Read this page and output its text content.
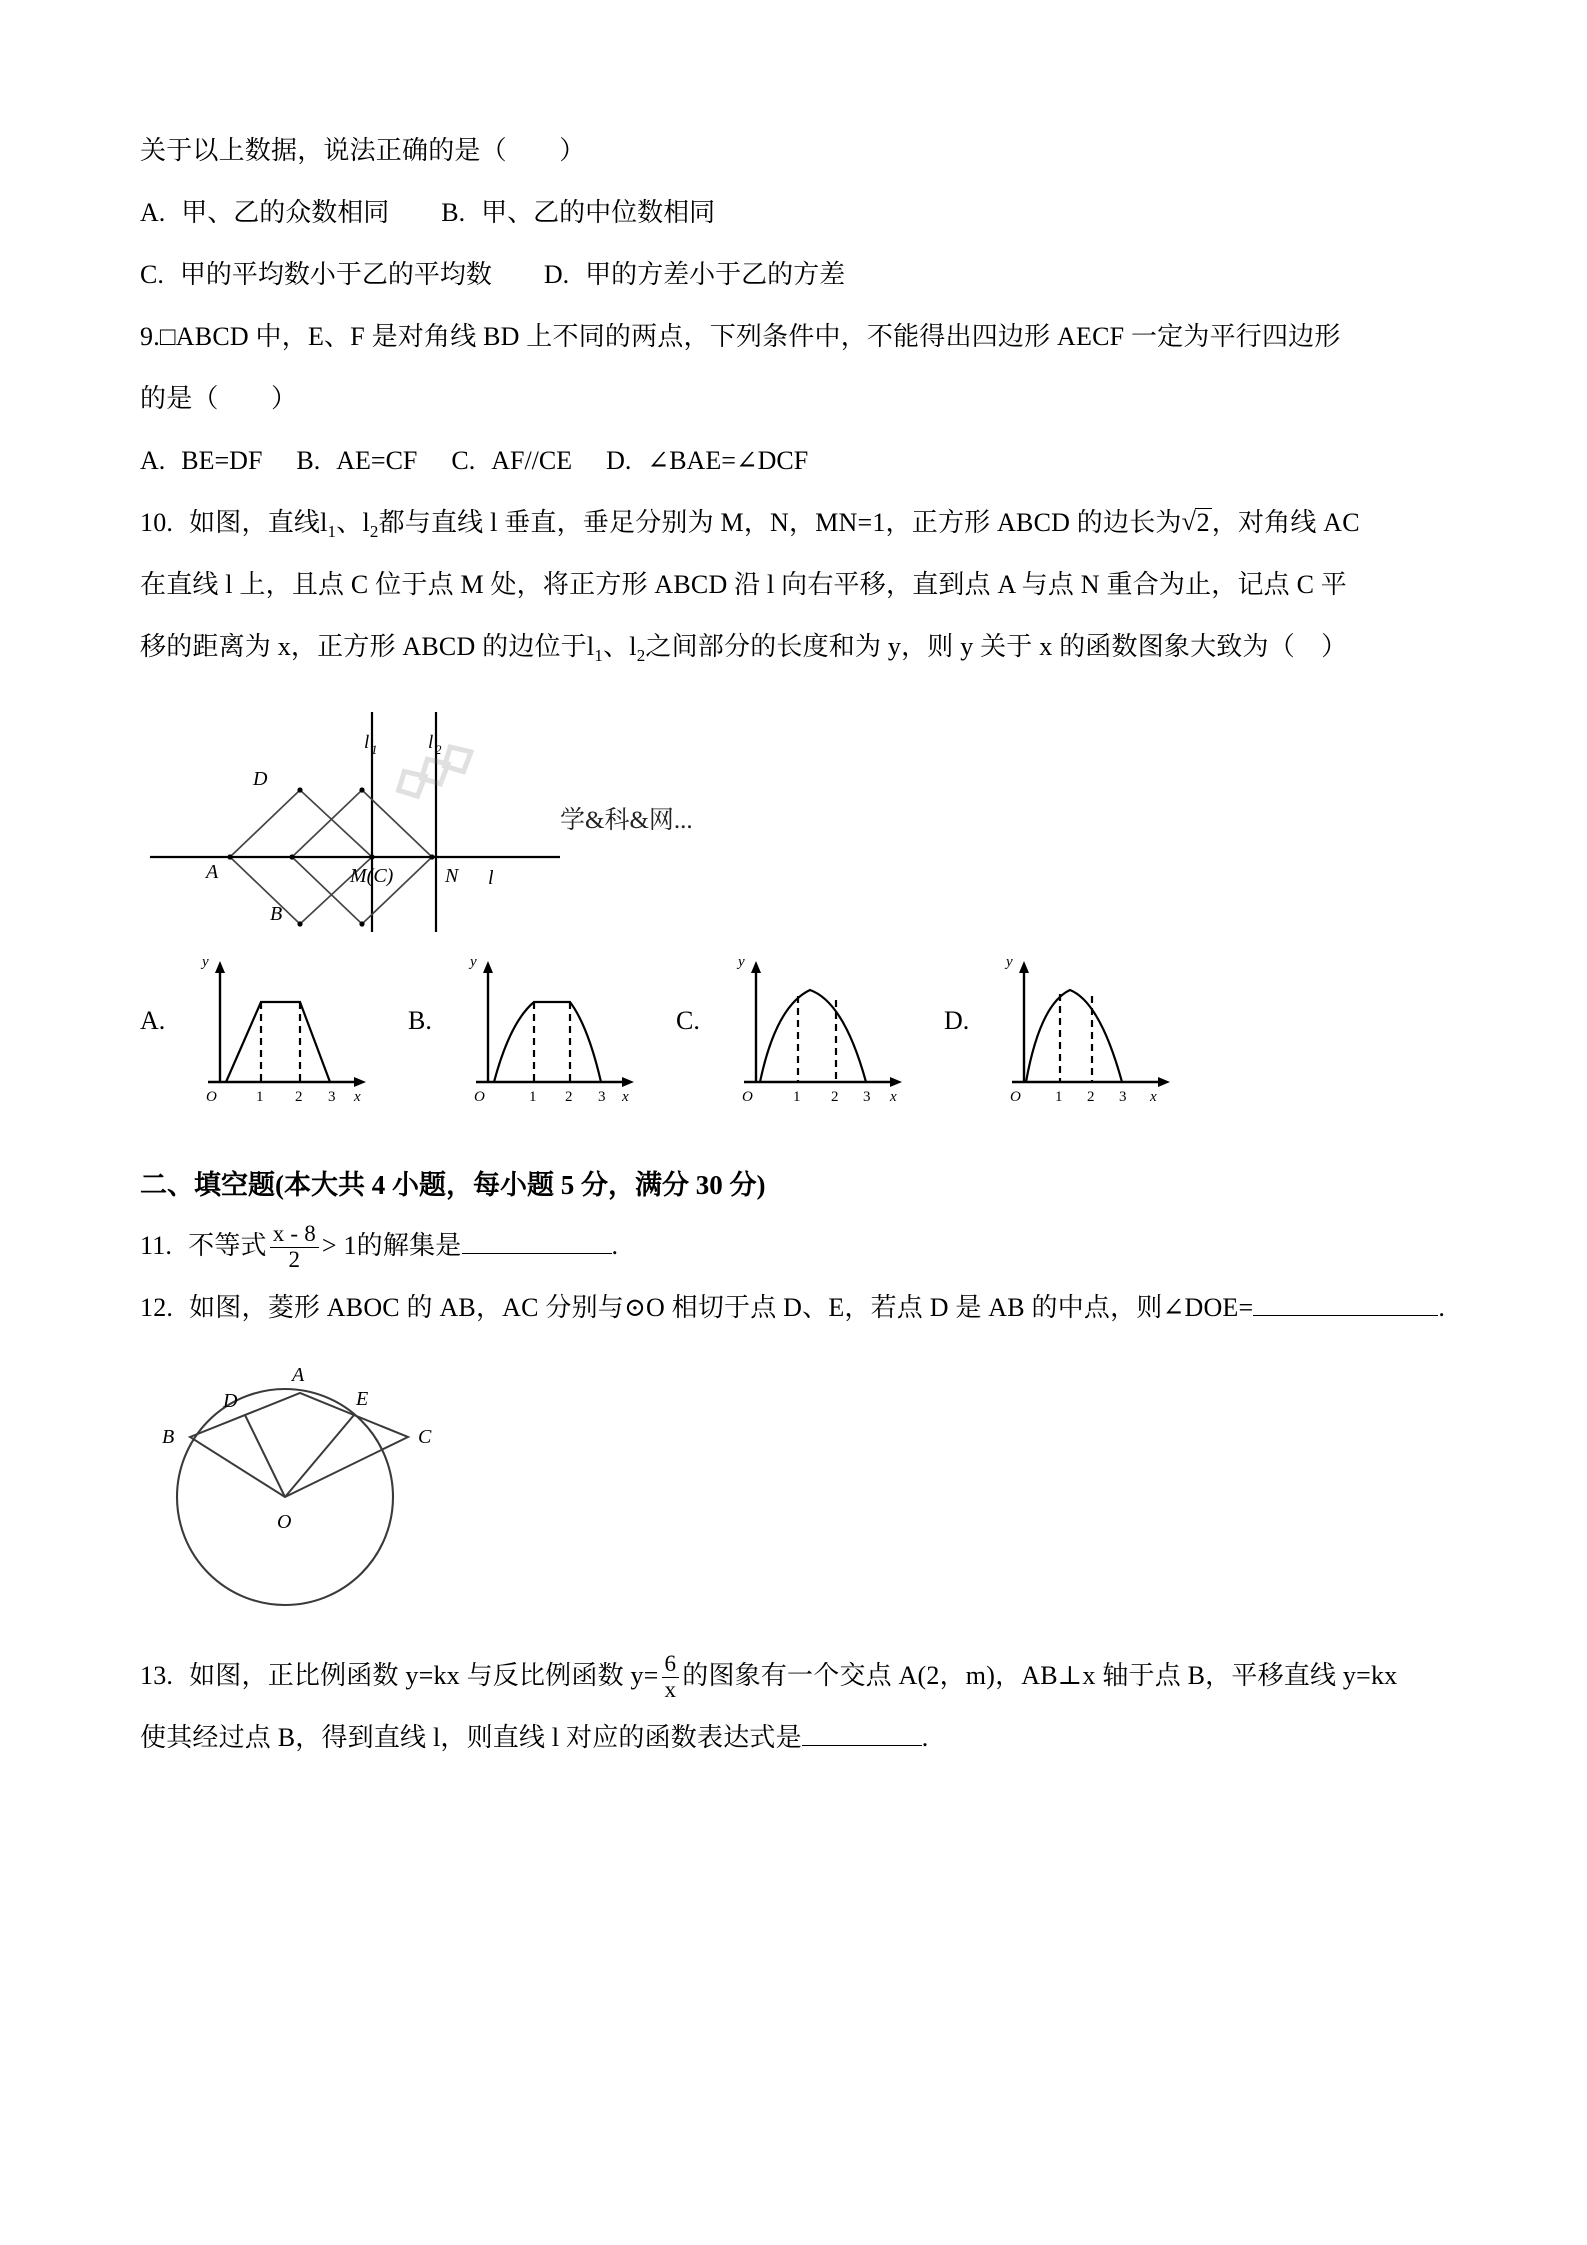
关于以上数据，说法正确的是（　　）
A. 甲、乙的众数相同 B. 甲、乙的中位数相同
C. 甲的平均数小于乙的平均数 D. 甲的方差小于乙的方差
9.□ABCD 中，E、F 是对角线 BD 上不同的两点，下列条件中，不能得出四边形 AECF 一定为平行四边形
的是（　　）
A. BE=DF B. AE=CF C. AF//CE D. ∠BAE=∠DCF
10. 如图，直线$l_1$、$l_2$都与直线 l 垂直，垂足分别为 M，N，MN=1，正方形 ABCD 的边长为 √ 2，对角线 AC
在直线 l 上，且点 C 位于点 M 处，将正方形 ABCD 沿 l 向右平移，直到点 A 与点 N 重合为止，记点 C 平
移的距离为 x，正方形 ABCD 的边位于$l_1$、$l_2$之间部分的长度和为 y，则 y 关于 x 的函数图象大致为（　）
l 1	l 2
D
A
B
M(C)	N l
学&科&网...
A.
y
x
O	1 2 3
B.
y
x
O	1 2 3
C.
y
x
O	1 2 3
D.
y
x
O 1 2 3
二、填空题(本大共 4 小题，每小题 5 分，满分 30 分)
11. 不等式 $\frac{x - 8}{2} > 1$的解集是	.
12. 如图，菱形 ABOC 的 AB，AC 分别与⊙O 相切于点 D、E，若点 D 是 AB 的中点，则∠DOE=	.
A
D	E
B	C
O
13. 如图，正比例函数 y=kx 与反比例函数 $y= \frac{6}{x}$ 的图象有一个交点 A(2，m)，AB⊥x 轴于点 B，平移直线 y=kx
使其经过点 B，得到直线 l，则直线 l 对应的函数表达式是	.
